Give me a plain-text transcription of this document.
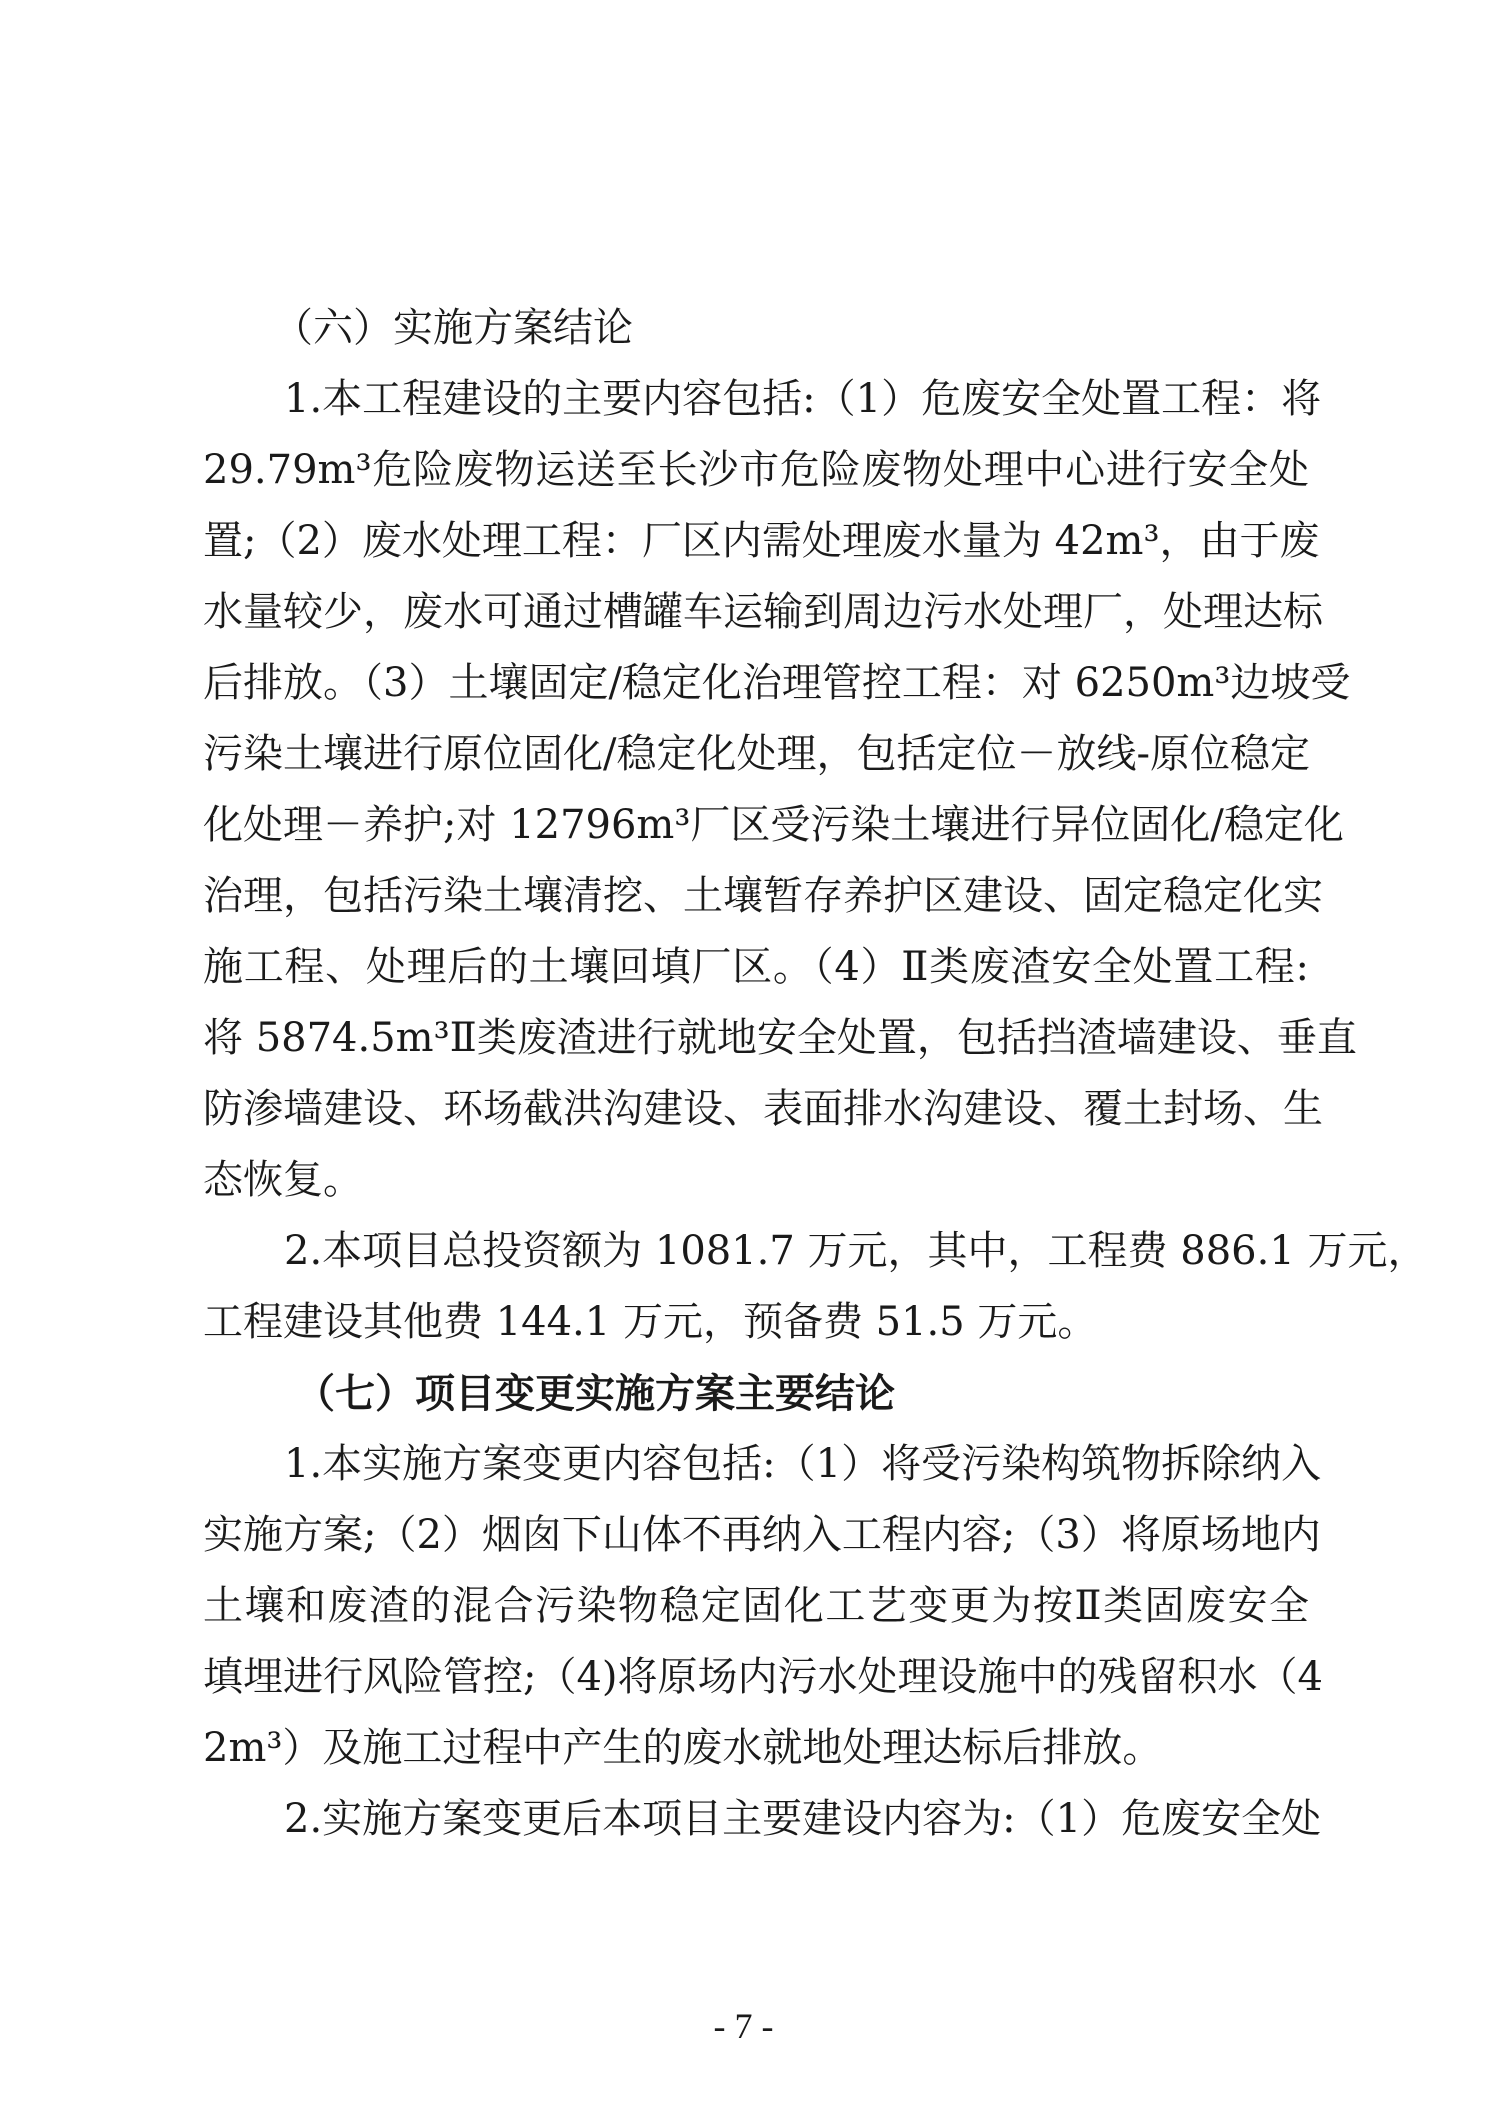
（六）实施方案结论
1.本工程建设的主要内容包括:（1）危废安全处置工程：将
29.79m³危险废物运送至长沙市危险废物处理中心进行安全处
置;（2）废水处理工程：厂区内需处理废水量为 42m³，由于废
水量较少，废水可通过槽罐车运输到周边污水处理厂，处理达标
后排放。（3）土壤固定/稳定化治理管控工程：对 6250m³边坡受
污染土壤进行原位固化/稳定化处理，包括定位－放线-原位稳定
化处理－养护;对 12796m³厂区受污染土壤进行异位固化/稳定化
治理，包括污染土壤清挖、土壤暂存养护区建设、固定稳定化实
施工程、处理后的土壤回填厂区。（4）Ⅱ类废渣安全处置工程:
将 5874.5m³Ⅱ类废渣进行就地安全处置，包括挡渣墙建设、垂直
防渗墙建设、环场截洪沟建设、表面排水沟建设、覆土封场、生
态恢复。
2.本项目总投资额为 1081.7 万元，其中，工程费 886.1 万元，
工程建设其他费 144.1 万元，预备费 51.5 万元。
（七）项目变更实施方案主要结论
1.本实施方案变更内容包括:（1）将受污染构筑物拆除纳入
实施方案;（2）烟囱下山体不再纳入工程内容;（3）将原场地内
土壤和废渣的混合污染物稳定固化工艺变更为按Ⅱ类固废安全
填埋进行风险管控;（4)将原场内污水处理设施中的残留积水（4
2m³）及施工过程中产生的废水就地处理达标后排放。
2.实施方案变更后本项目主要建设内容为:（1）危废安全处
- 7 -
